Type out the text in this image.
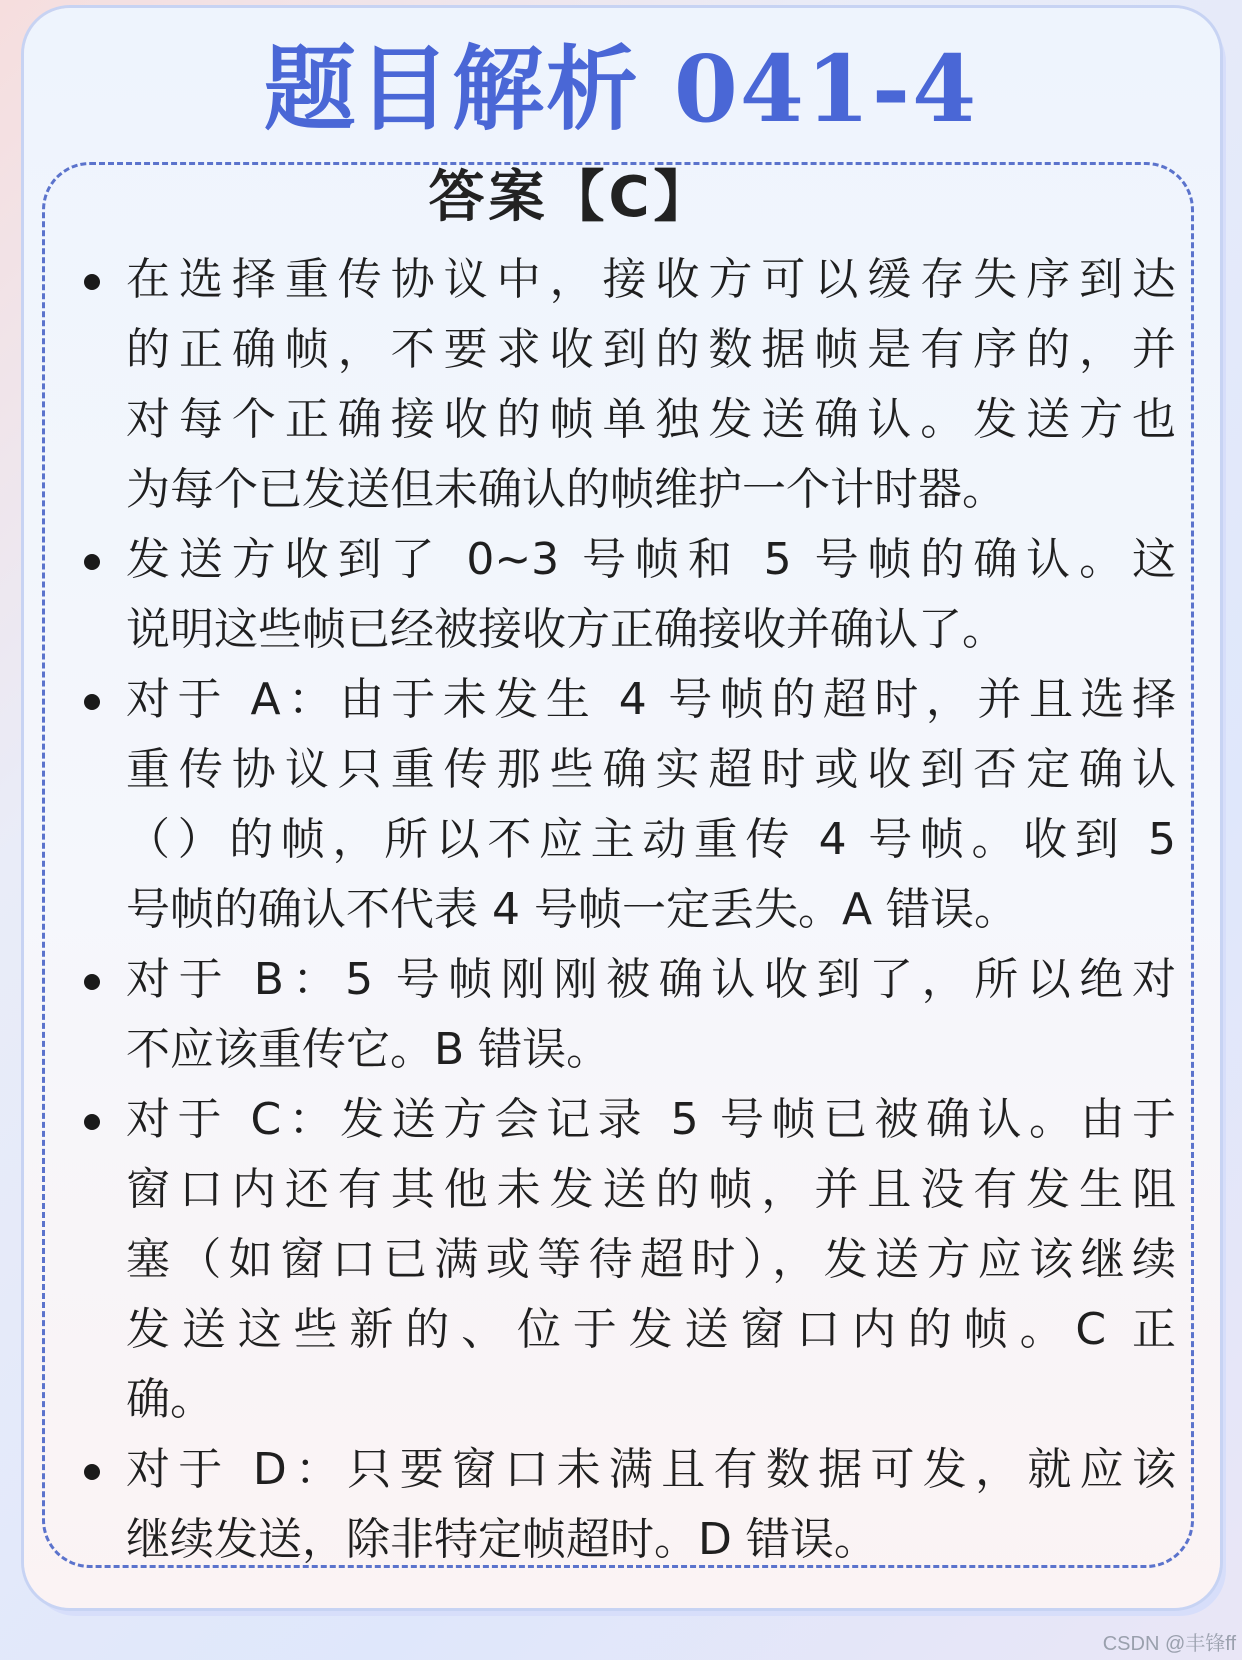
题目解析 041-4
答案【C】
在选择重传协议中，接收方可以缓存失序到达
的正确帧，不要求收到的数据帧是有序的，并
对每个正确接收的帧单独发送确认。发送方也
为每个已发送但未确认的帧维护一个计时器。
发送方收到了 0~3 号帧和 5 号帧的确认。这
说明这些帧已经被接收方正确接收并确认了。
对于 A：由于未发生 4 号帧的超时，并且选择
重传协议只重传那些确实超时或收到否定确认
（）的帧，所以不应主动重传 4 号帧。收到 5
号帧的确认不代表 4 号帧一定丢失。A 错误。
对于 B：5 号帧刚刚被确认收到了，所以绝对
不应该重传它。B 错误。
对于 C：发送方会记录 5 号帧已被确认。由于
窗口内还有其他未发送的帧，并且没有发生阻
塞（如窗口已满或等待超时），发送方应该继续
发送这些新的、位于发送窗口内的帧。C 正
确。
对于 D：只要窗口未满且有数据可发，就应该
继续发送，除非特定帧超时。D 错误。
CSDN @丰锋ff
